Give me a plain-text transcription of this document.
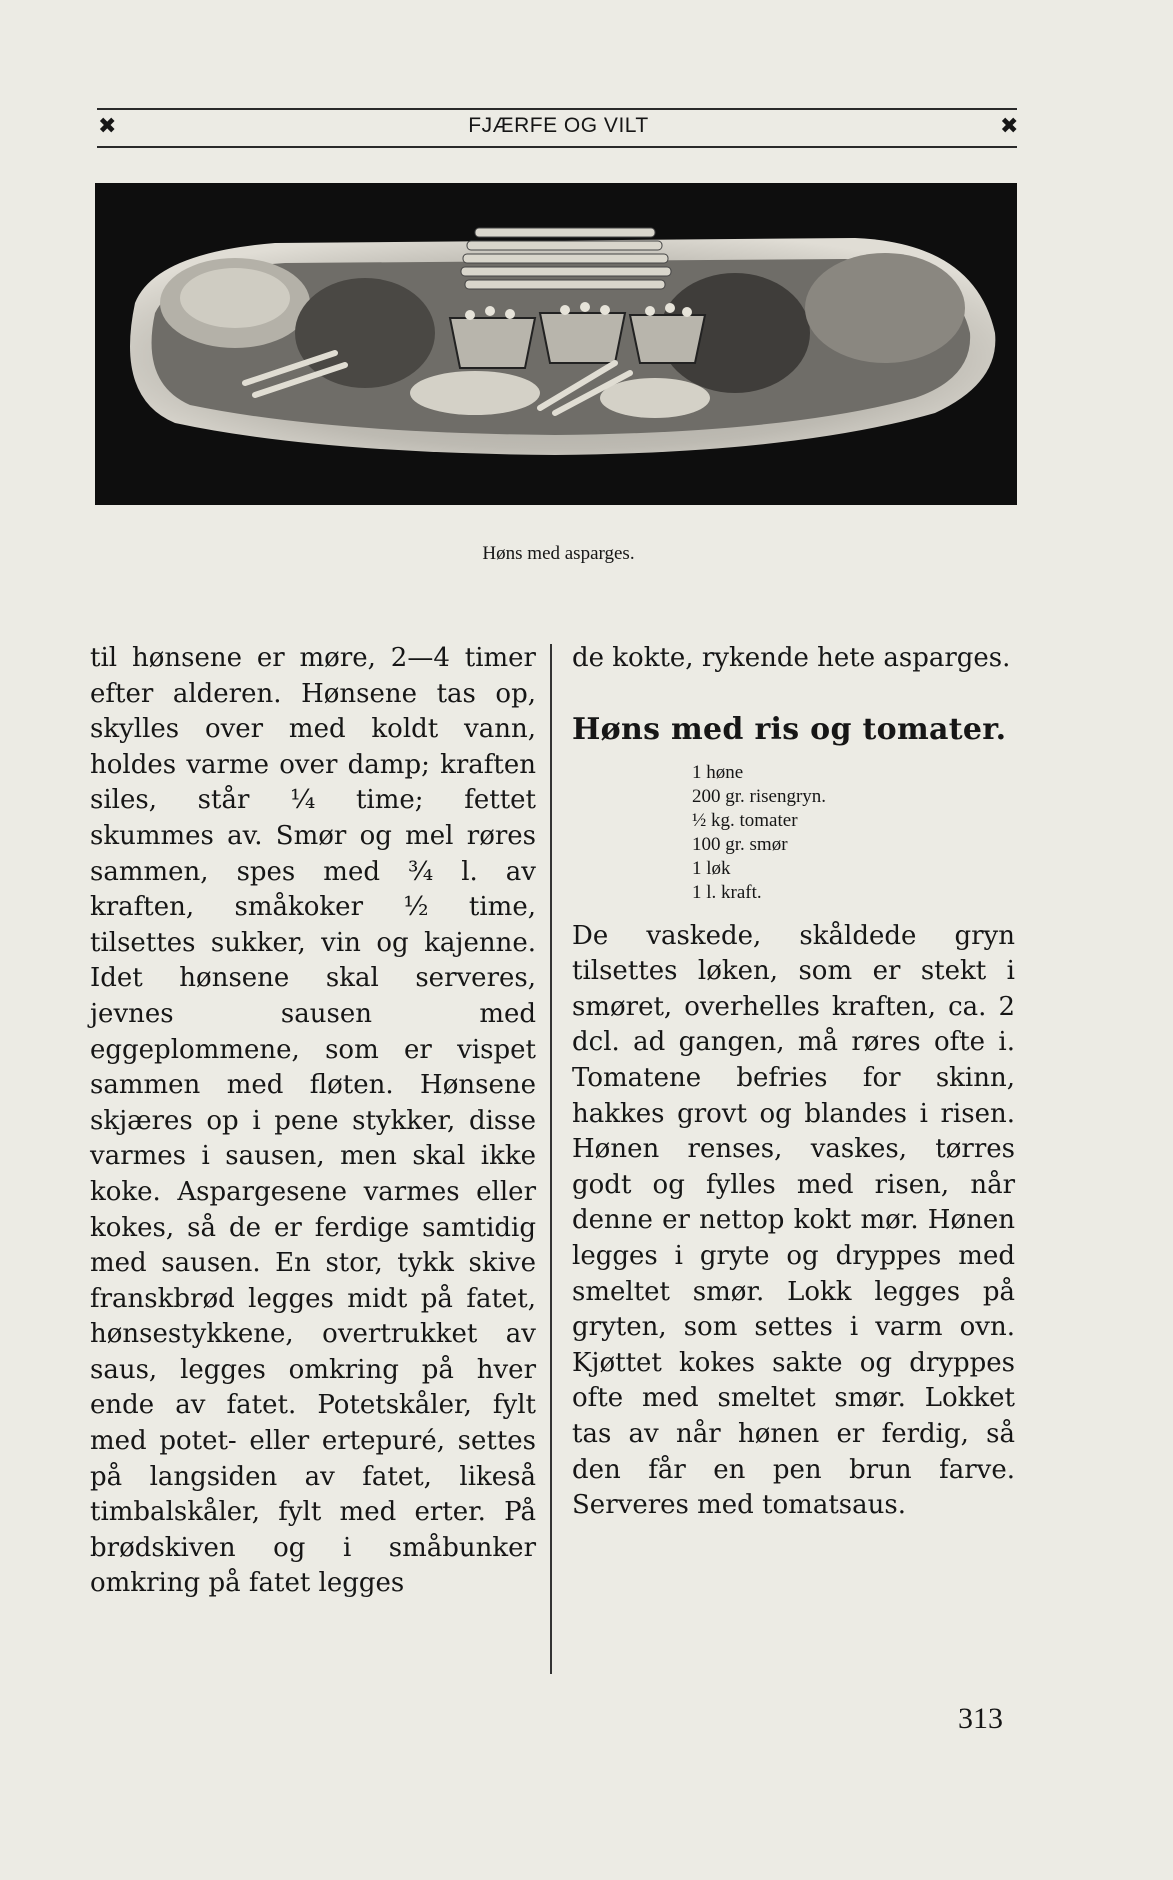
✖	FJÆRFE OG VILT	✖
Høns med asparges.

til hønsene er møre, 2—4 timer efter alderen. Hønsene tas op, skylles over med koldt vann, holdes varme over damp; kraften siles, står ¼ time; fettet skummes av. Smør og mel røres sammen, spes med ¾ l. av kraften, småkoker ½ time, tilsettes sukker, vin og kajenne. Idet hønsene skal serveres, jevnes sausen med eggeplommene, som er vispet sammen med fløten. Hønsene skjæres op i pene stykker, disse varmes i sausen, men skal ikke koke. Aspargesene varmes eller kokes, så de er ferdige samtidig med sausen. En stor, tykk skive franskbrød legges midt på fatet, hønsestykkene, overtrukket av saus, legges omkring på hver ende av fatet. Potetskåler, fylt med potet- eller ertepuré, settes på langsiden av fatet, likeså timbalskåler, fylt med erter. På brødskiven og i småbunker omkring på fatet legges

de kokte, rykende hete asparges.

Høns med ris og tomater.

1 høne
200 gr. risengryn.
½ kg. tomater
100 gr. smør
1 løk
1 l. kraft.

De vaskede, skåldede gryn tilsettes løken, som er stekt i smøret, overhelles kraften, ca. 2 dcl. ad gangen, må røres ofte i. Tomatene befries for skinn, hakkes grovt og blandes i risen. Hønen renses, vaskes, tørres godt og fylles med risen, når denne er nettop kokt mør. Hønen legges i gryte og dryppes med smeltet smør. Lokk legges på gryten, som settes i varm ovn. Kjøttet kokes sakte og dryppes ofte med smeltet smør. Lokket tas av når hønen er ferdig, så den får en pen brun farve. Serveres med tomatsaus.

313
